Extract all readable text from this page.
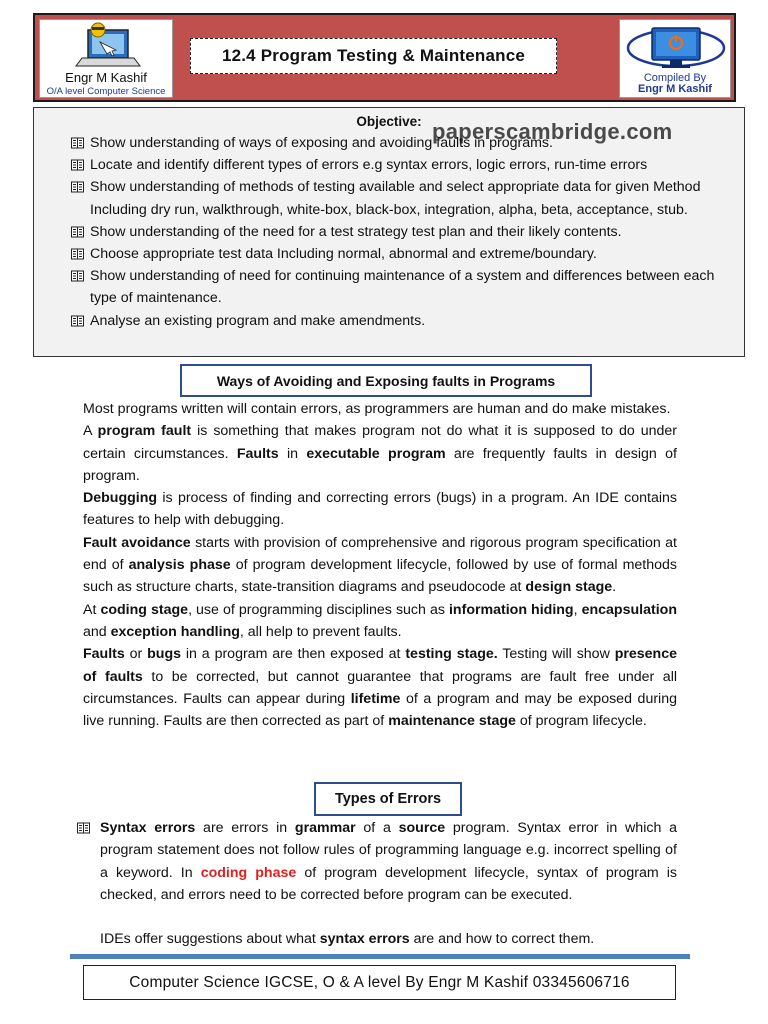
Engr M Kashif
O/A level Computer Science
12.4 Program Testing & Maintenance
Compiled By
Engr M Kashif
Objective: paperscambridge.com
Show understanding of ways of exposing and avoiding faults in programs.
Locate and identify different types of errors e.g syntax errors, logic errors, run-time errors
Show understanding of methods of testing available and select appropriate data for given Method Including dry run, walkthrough, white-box, black-box, integration, alpha, beta, acceptance, stub.
Show understanding of the need for a test strategy test plan and their likely contents.
Choose appropriate test data Including normal, abnormal and extreme/boundary.
Show understanding of need for continuing maintenance of a system and differences between each type of maintenance.
Analyse an existing program and make amendments.
Ways of Avoiding and Exposing faults in Programs

Most programs written will contain errors, as programmers are human and do make mistakes.

A program fault is something that makes program not do what it is supposed to do under certain circumstances. Faults in executable program are frequently faults in design of program.

Debugging is process of finding and correcting errors (bugs) in a program. An IDE contains features to help with debugging.

Fault avoidance starts with provision of comprehensive and rigorous program specification at end of analysis phase of program development lifecycle, followed by use of formal methods such as structure charts, state-transition diagrams and pseudocode at design stage.

At coding stage, use of programming disciplines such as information hiding, encapsulation and exception handling, all help to prevent faults.

Faults or bugs in a program are then exposed at testing stage. Testing will show presence of faults to be corrected, but cannot guarantee that programs are fault free under all circumstances. Faults can appear during lifetime of a program and may be exposed during live running. Faults are then corrected as part of maintenance stage of program lifecycle.

Types of Errors
Syntax errors are errors in grammar of a source program. Syntax error in which a program statement does not follow rules of programming language e.g. incorrect spelling of a keyword. In coding phase of program development lifecycle, syntax of program is checked, and errors need to be corrected before program can be executed.
IDEs offer suggestions about what syntax errors are and how to correct them.
Computer Science IGCSE, O & A level By Engr M Kashif 03345606716
